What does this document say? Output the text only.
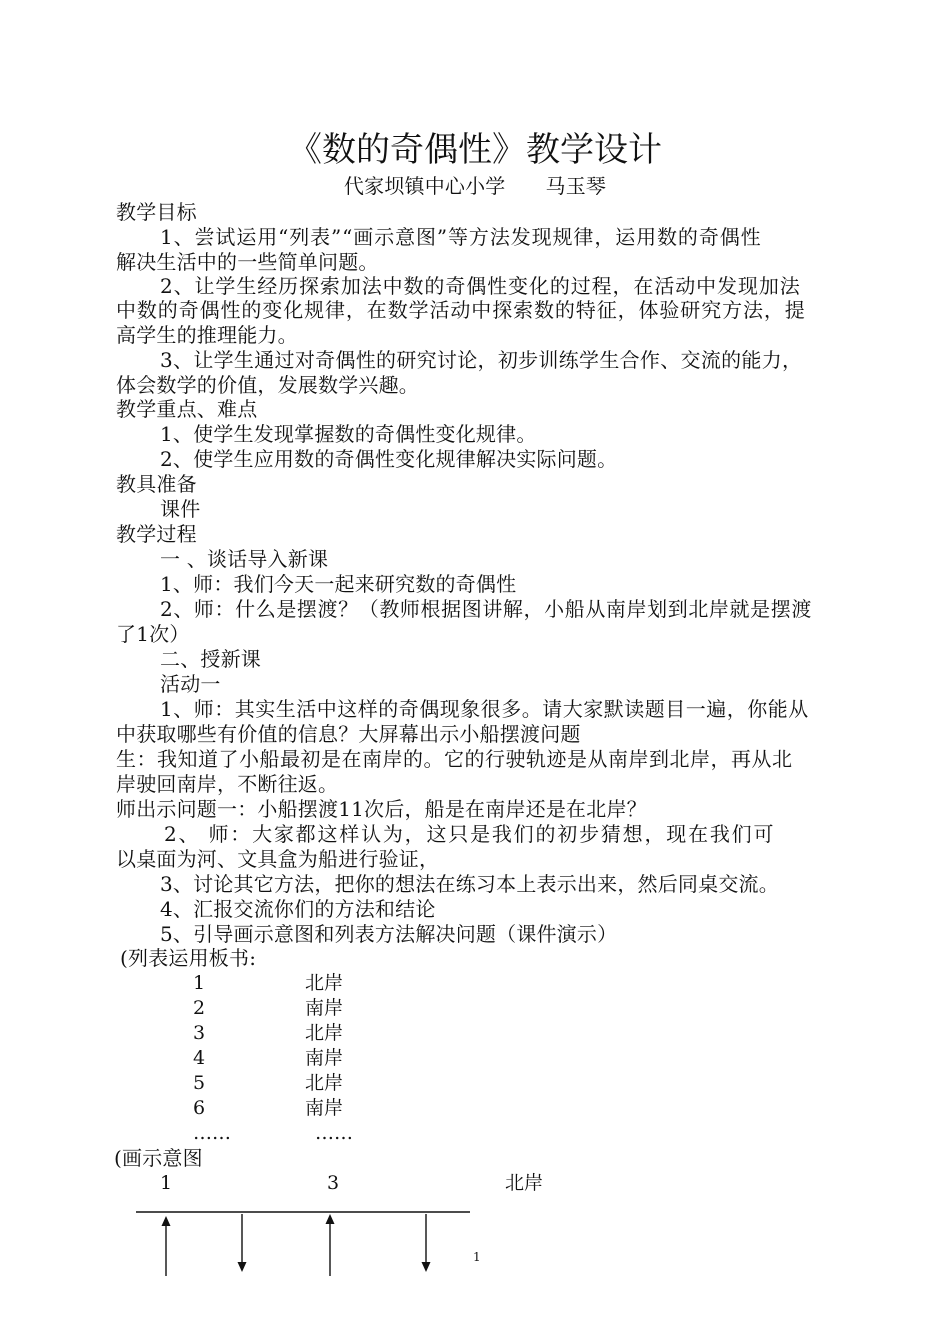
《数的奇偶性》教学设计
代家坝镇中心小学 马玉琴
教学目标
1、尝试运用“列表”“画示意图”等方法发现规律，运用数的奇偶性
解决生活中的一些简单问题。
2、让学生经历探索加法中数的奇偶性变化的过程，在活动中发现加法
中数的奇偶性的变化规律，在数学活动中探索数的特征，体验研究方法，提
高学生的推理能力。
3、让学生通过对奇偶性的研究讨论，初步训练学生合作、交流的能力，
体会数学的价值，发展数学兴趣。
教学重点、难点
1、使学生发现掌握数的奇偶性变化规律。
2、使学生应用数的奇偶性变化规律解决实际问题。
教具准备
课件
教学过程
一 、谈话导入新课
1、师：我们今天一起来研究数的奇偶性
2、师：什么是摆渡？（教师根据图讲解，小船从南岸划到北岸就是摆渡
了1次）
二、授新课
活动一
1、师：其实生活中这样的奇偶现象很多。请大家默读题目一遍，你能从
中获取哪些有价值的信息？大屏幕出示小船摆渡问题
生：我知道了小船最初是在南岸的。它的行驶轨迹是从南岸到北岸，再从北
岸驶回南岸，不断往返。
师出示问题一：小船摆渡11次后，船是在南岸还是在北岸？
2、 师：大家都这样认为，这只是我们的初步猜想，现在我们可
以桌面为河、文具盒为船进行验证，
3、讨论其它方法，把你的想法在练习本上表示出来，然后同桌交流。
4、汇报交流你们的方法和结论
5、引导画示意图和列表方法解决问题（课件演示）
(列表运用板书:
1	北岸
2	南岸
3	北岸
4	南岸
5	北岸
6	南岸
……	……
(画示意图
1	3	北岸
1
